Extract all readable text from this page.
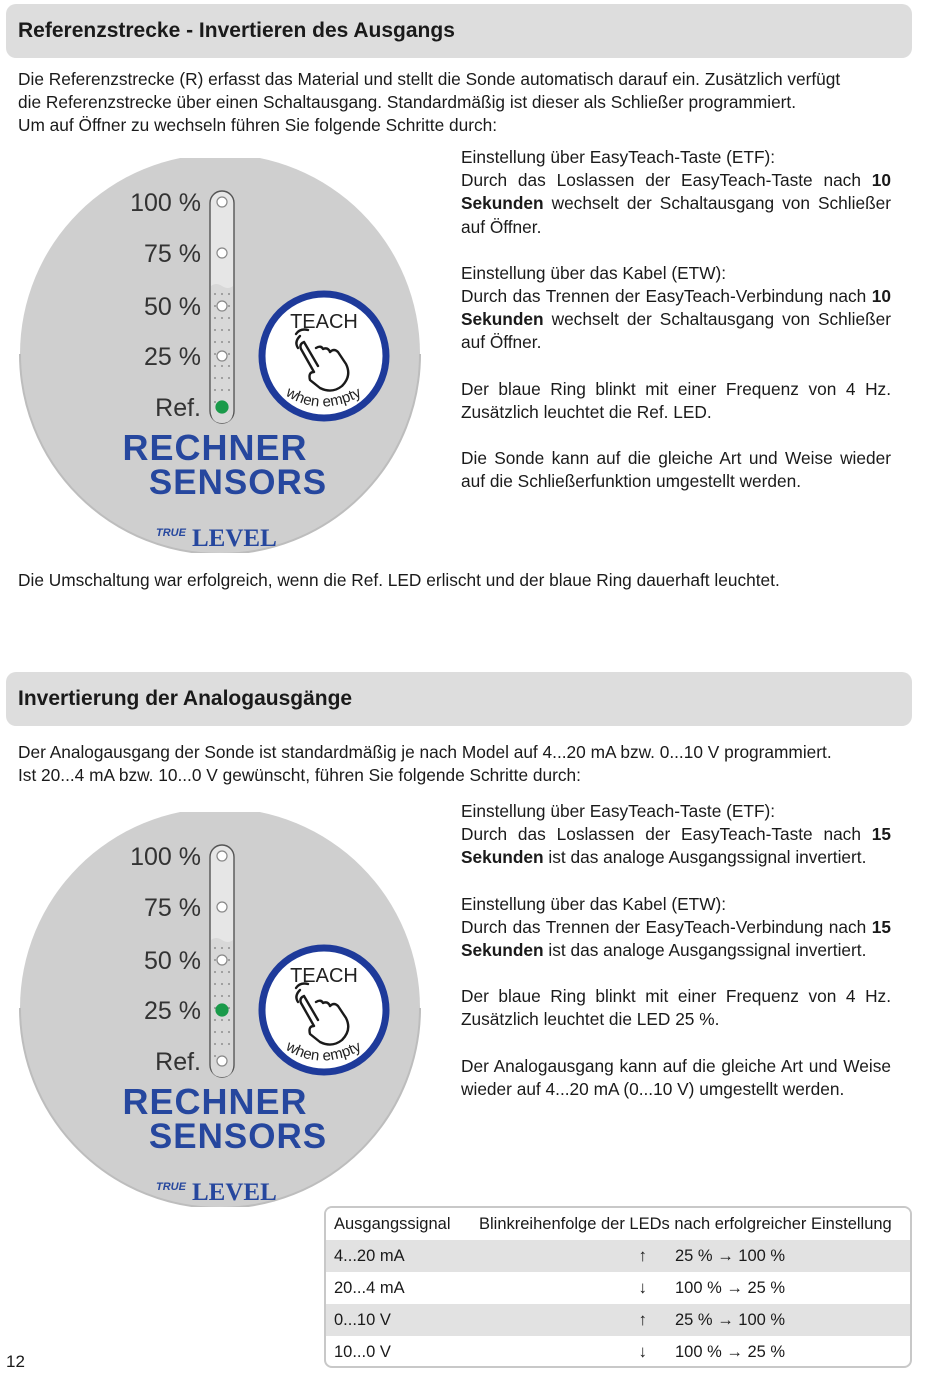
Referenzstrecke - Invertieren des Ausgangs

Die Referenzstrecke (R) erfasst das Material und stellt die Sonde automatisch darauf ein. Zusätzlich verfügt

die Referenzstrecke über einen Schaltausgang. Standardmäßig ist dieser als Schließer programmiert.

Um auf Öffner zu wechseln führen Sie folgende Schritte durch:

100 %
75 %
50 %
25 %
Ref.
TEACH
when empty
RECHNER
SENSORS
TRUE LEVEL

Einstellung über EasyTeach-Taste (ETF):
Durch das Loslassen der EasyTeach-Taste nach 10 Sekunden wechselt der Schaltausgang von Schließer auf Öffner.

Einstellung über das Kabel (ETW):
Durch das Trennen der EasyTeach-Verbindung nach 10 Sekunden wechselt der Schaltausgang von Schließer auf Öffner.

Der blaue Ring blinkt mit einer Frequenz von 4 Hz. Zusätzlich leuchtet die Ref. LED.

Die Sonde kann auf die gleiche Art und Weise wieder auf die Schließerfunktion umgestellt werden.

Die Umschaltung war erfolgreich, wenn die Ref. LED erlischt und der blaue Ring dauerhaft leuchtet.

Invertierung der Analogausgänge

Der Analogausgang der Sonde ist standardmäßig je nach Model auf 4...20 mA bzw. 0...10 V programmiert.

Ist 20...4 mA bzw. 10...0 V gewünscht, führen Sie folgende Schritte durch:

100 %
75 %
50 %
25 %
Ref.
TEACH
when empty
RECHNER
SENSORS
TRUE LEVEL

Einstellung über EasyTeach-Taste (ETF):
Durch das Loslassen der EasyTeach-Taste nach 15 Sekunden ist das analoge Ausgangssignal invertiert.

Einstellung über das Kabel (ETW):
Durch das Trennen der EasyTeach-Verbindung nach 15 Sekunden ist das analoge Ausgangssignal invertiert.

Der blaue Ring blinkt mit einer Frequenz von 4 Hz. Zusätzlich leuchtet die LED 25 %.

Der Analogausgang kann auf die gleiche Art und Weise wieder auf 4...20 mA (0...10 V) umgestellt werden.

Ausgangssignal	Blinkreihenfolge der LEDs nach erfolgreicher Einstellung
4...20 mA	↑	25 % → 100 %
20...4 mA	↓	100 % → 25 %
0...10 V	↑	25 % → 100 %
10...0 V	↓	100 % → 25 %
12
